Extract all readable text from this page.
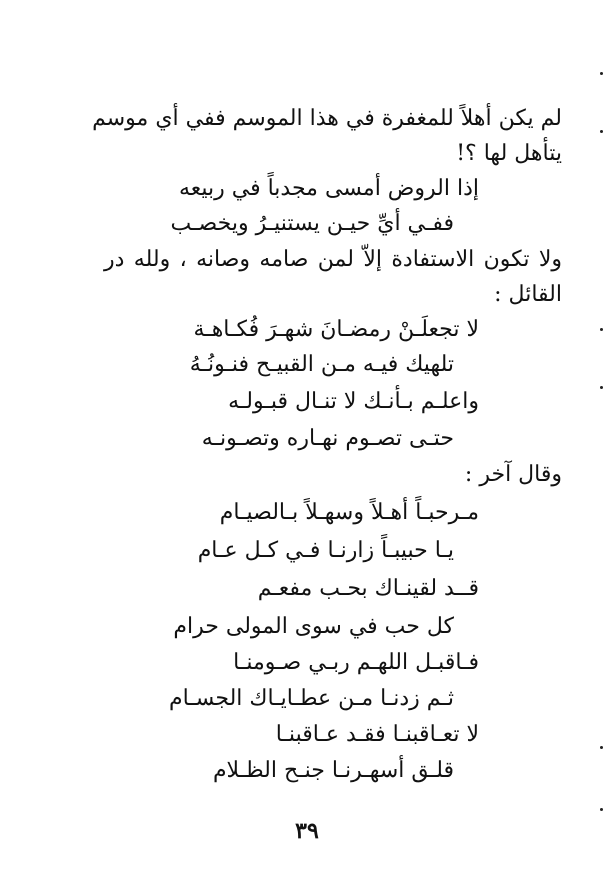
لم يكن أهلاً للمغفرة في هذا الموسم ففي أي موسم
يتأهل لها ؟!
إذا الروض أمسى مجدباً في ربيعه
ففـي أيِّ حيـن يستنيـرُ ويخصـب
ولا تكون الاستفادة إلاّ لمن صامه وصانه ، ولله در
القائل :
لا تجعلَـنْ رمضـانَ شهـرَ فُكـاهـة
تلهيك فيـه مـن القبيـح فنـونُـهُ
واعلـم بـأنـك لا تنـال قبـولـه
حتـى تصـوم نهـاره وتصـونـه
وقال آخر :
مـرحبـاً أهـلاً وسهـلاً بـالصيـام
يـا حبيبـاً زارنـا فـي كـل عـام
قــد لقينـاك بحـب مفعـم
كل حب في سوى المولى حرام
فـاقبـل اللهـم ربـي صـومنـا
ثـم زدنـا مـن عطـايـاك الجسـام
لا تعـاقبنـا فقـد عـاقبنـا
قلـق أسهـرنـا جنـح الظـلام
٣٩
